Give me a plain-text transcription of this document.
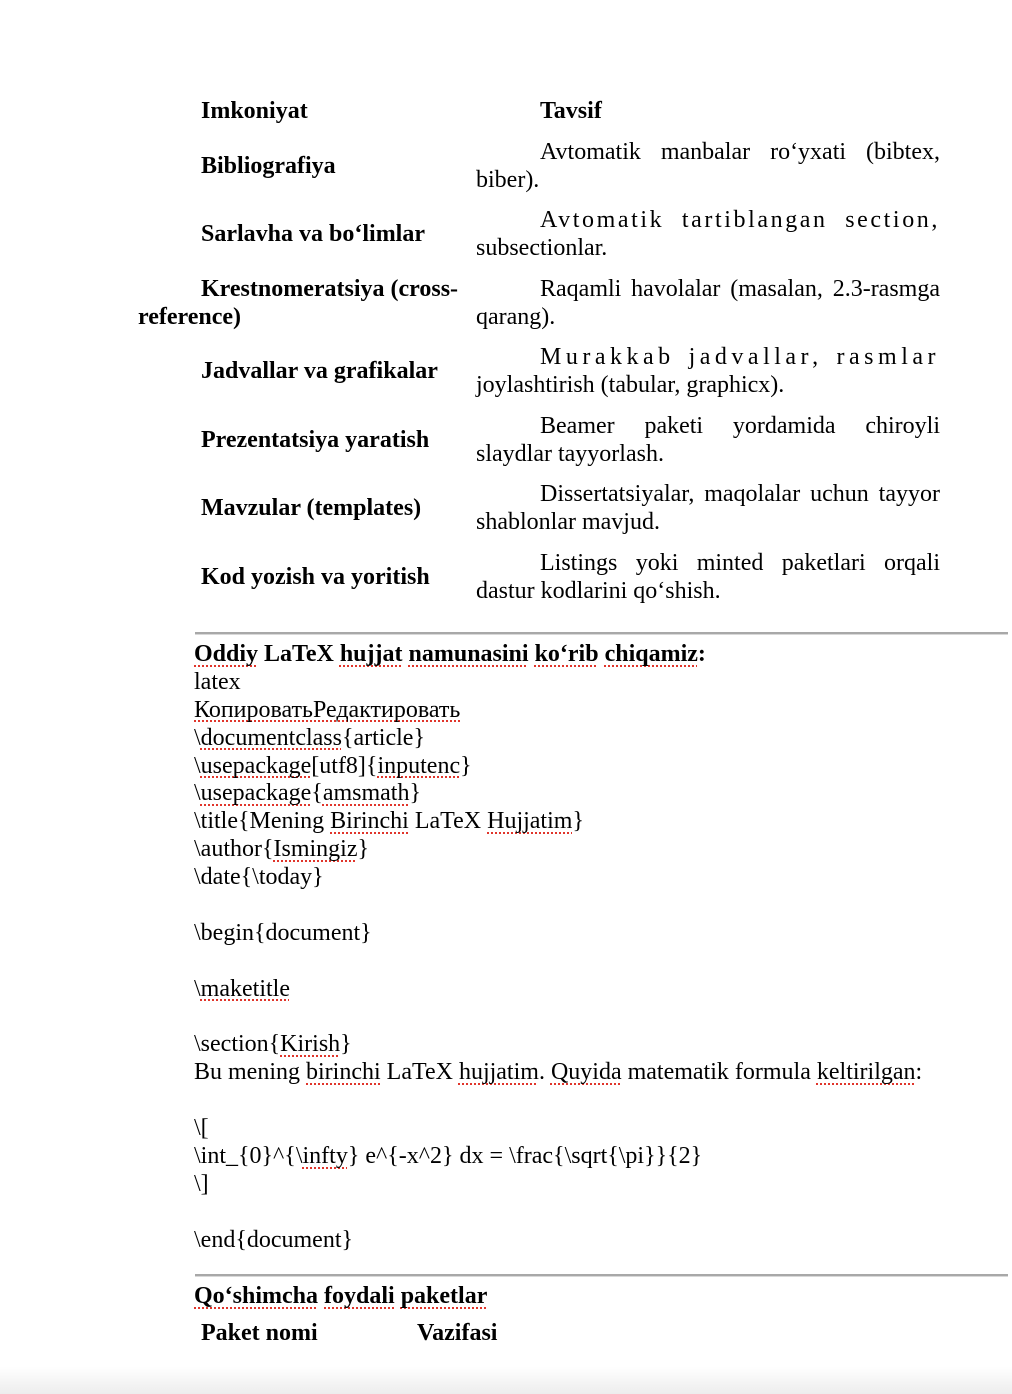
Imkoniyat	Tavsif
Bibliografiya
Avtomatik manbalar ro‘yxati (bibtex, biber).
Sarlavha va bo‘limlar
Avtomatik tartiblangan section, subsectionlar.
Krestnomeratsiya (cross-reference)
Raqamli havolalar (masalan, 2.3-rasmga qarang).
Jadvallar va grafikalar
Murakkab jadvallar, rasmlar joylashtirish (tabular, graphicx).
Prezentatsiya yaratish
Beamer paketi yordamida chiroyli slaydlar tayyorlash.
Mavzular (templates)
Dissertatsiyalar, maqolalar uchun tayyor shablonlar mavjud.
Kod yozish va yoritish
Listings yoki minted paketlari orqali dastur kodlarini qo‘shish.
Oddiy LaTeX hujjat namunasini ko‘rib chiqamiz:
latex
КопироватьРедактировать
\documentclass{article}
\usepackage[utf8]{inputenc}
\usepackage{amsmath}
\title{Mening Birinchi LaTeX Hujjatim}
\author{Ismingiz}
\date{\today}
\begin{document}
\maketitle
\section{Kirish}
Bu mening birinchi LaTeX hujjatim. Quyida matematik formula keltirilgan:
\[
\int_{0}^{\infty} e^{-x^2} dx = \frac{\sqrt{\pi}}{2}
\]
\end{document}
Qo‘shimcha foydali paketlar
Paket nomi	Vazifasi
